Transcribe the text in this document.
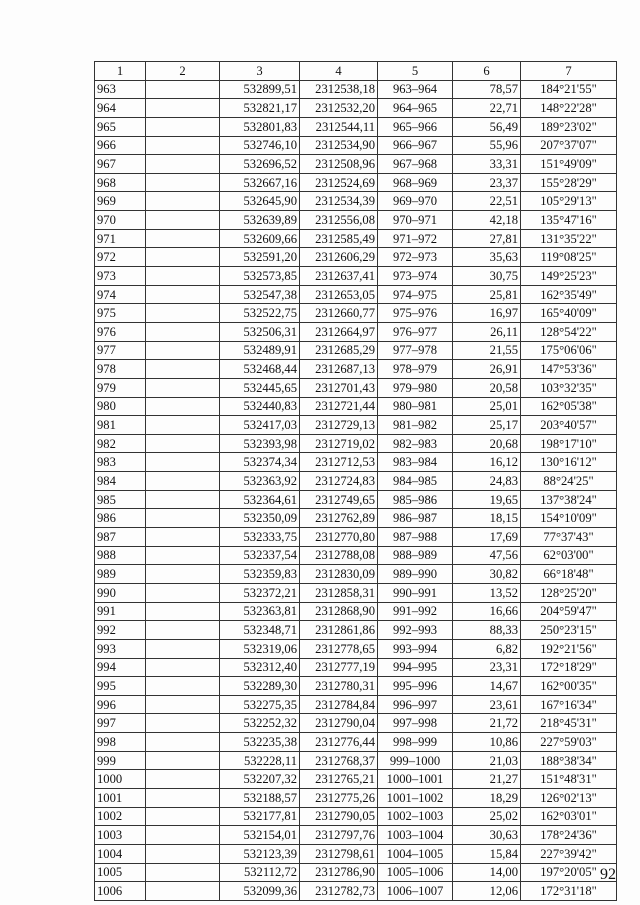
1	2	3	4	5	6	7
963		532899,51	2312538,18	963–964	78,57	184°21'55"
964		532821,17	2312532,20	964–965	22,71	148°22'28"
965		532801,83	2312544,11	965–966	56,49	189°23'02"
966		532746,10	2312534,90	966–967	55,96	207°37'07"
967		532696,52	2312508,96	967–968	33,31	151°49'09"
968		532667,16	2312524,69	968–969	23,37	155°28'29"
969		532645,90	2312534,39	969–970	22,51	105°29'13"
970		532639,89	2312556,08	970–971	42,18	135°47'16"
971		532609,66	2312585,49	971–972	27,81	131°35'22"
972		532591,20	2312606,29	972–973	35,63	119°08'25"
973		532573,85	2312637,41	973–974	30,75	149°25'23"
974		532547,38	2312653,05	974–975	25,81	162°35'49"
975		532522,75	2312660,77	975–976	16,97	165°40'09"
976		532506,31	2312664,97	976–977	26,11	128°54'22"
977		532489,91	2312685,29	977–978	21,55	175°06'06"
978		532468,44	2312687,13	978–979	26,91	147°53'36"
979		532445,65	2312701,43	979–980	20,58	103°32'35"
980		532440,83	2312721,44	980–981	25,01	162°05'38"
981		532417,03	2312729,13	981–982	25,17	203°40'57"
982		532393,98	2312719,02	982–983	20,68	198°17'10"
983		532374,34	2312712,53	983–984	16,12	130°16'12"
984		532363,92	2312724,83	984–985	24,83	88°24'25"
985		532364,61	2312749,65	985–986	19,65	137°38'24"
986		532350,09	2312762,89	986–987	18,15	154°10'09"
987		532333,75	2312770,80	987–988	17,69	77°37'43"
988		532337,54	2312788,08	988–989	47,56	62°03'00"
989		532359,83	2312830,09	989–990	30,82	66°18'48"
990		532372,21	2312858,31	990–991	13,52	128°25'20"
991		532363,81	2312868,90	991–992	16,66	204°59'47"
992		532348,71	2312861,86	992–993	88,33	250°23'15"
993		532319,06	2312778,65	993–994	6,82	192°21'56"
994		532312,40	2312777,19	994–995	23,31	172°18'29"
995		532289,30	2312780,31	995–996	14,67	162°00'35"
996		532275,35	2312784,84	996–997	23,61	167°16'34"
997		532252,32	2312790,04	997–998	21,72	218°45'31"
998		532235,38	2312776,44	998–999	10,86	227°59'03"
999		532228,11	2312768,37	999–1000	21,03	188°38'34"
1000		532207,32	2312765,21	1000–1001	21,27	151°48'31"
1001		532188,57	2312775,26	1001–1002	18,29	126°02'13"
1002		532177,81	2312790,05	1002–1003	25,02	162°03'01"
1003		532154,01	2312797,76	1003–1004	30,63	178°24'36"
1004		532123,39	2312798,61	1004–1005	15,84	227°39'42"
1005		532112,72	2312786,90	1005–1006	14,00	197°20'05"
1006		532099,36	2312782,73	1006–1007	12,06	172°31'18"
92
